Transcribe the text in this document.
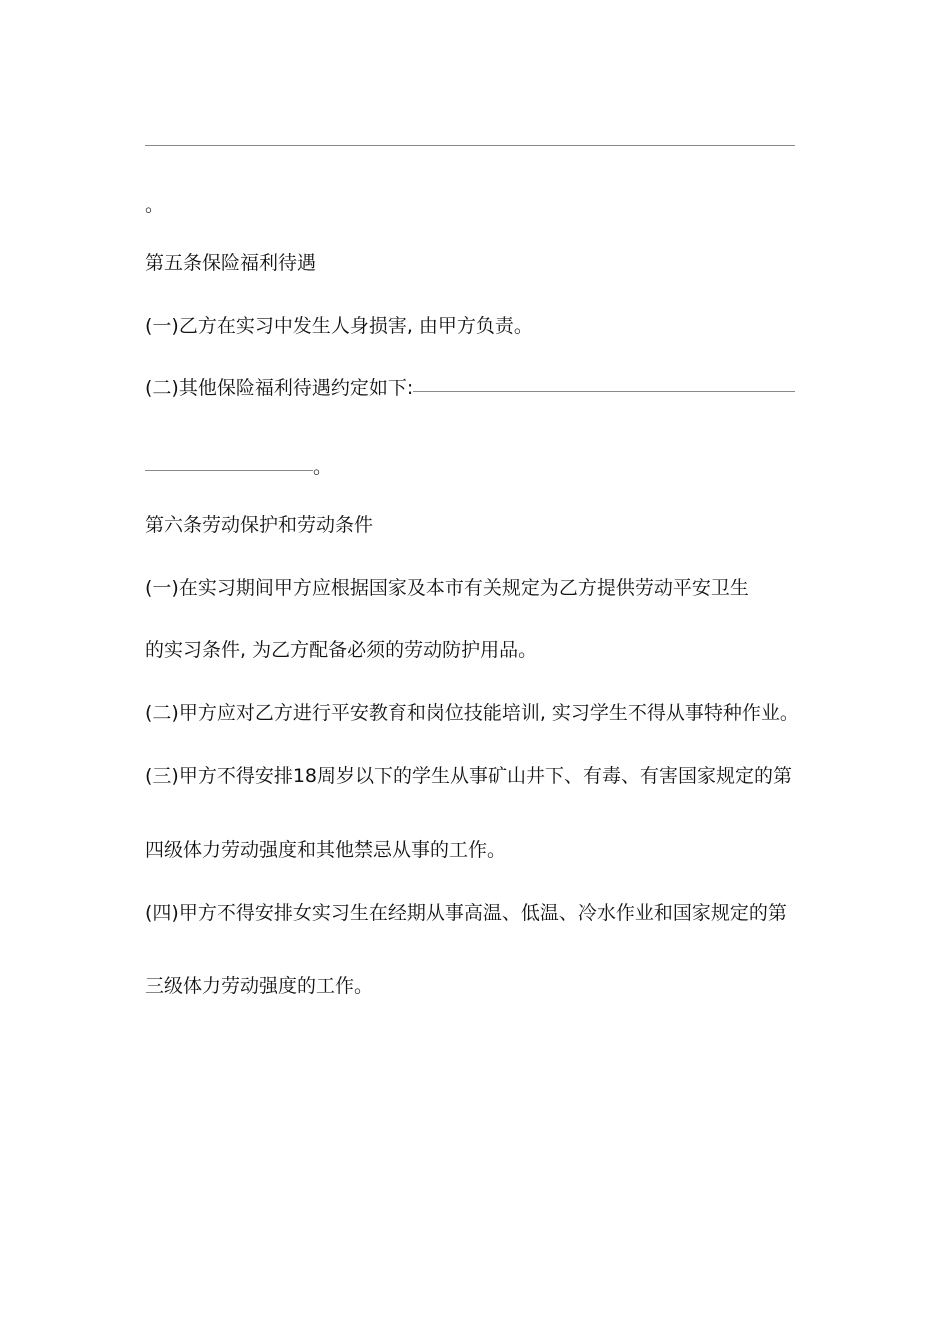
。
第五条保险福利待遇
(一)乙方在实习中发生人身损害, 由甲方负责。
(二)其他保险福利待遇约定如下:
。
第六条劳动保护和劳动条件
(一)在实习期间甲方应根据国家及本市有关规定为乙方提供劳动平安卫生
的实习条件, 为乙方配备必须的劳动防护用品。
(二)甲方应对乙方进行平安教育和岗位技能培训, 实习学生不得从事特种作业。
(三)甲方不得安排18周岁以下的学生从事矿山井下、有毒、有害国家规定的第
四级体力劳动强度和其他禁忌从事的工作。
(四)甲方不得安排女实习生在经期从事高温、低温、冷水作业和国家规定的第
三级体力劳动强度的工作。
